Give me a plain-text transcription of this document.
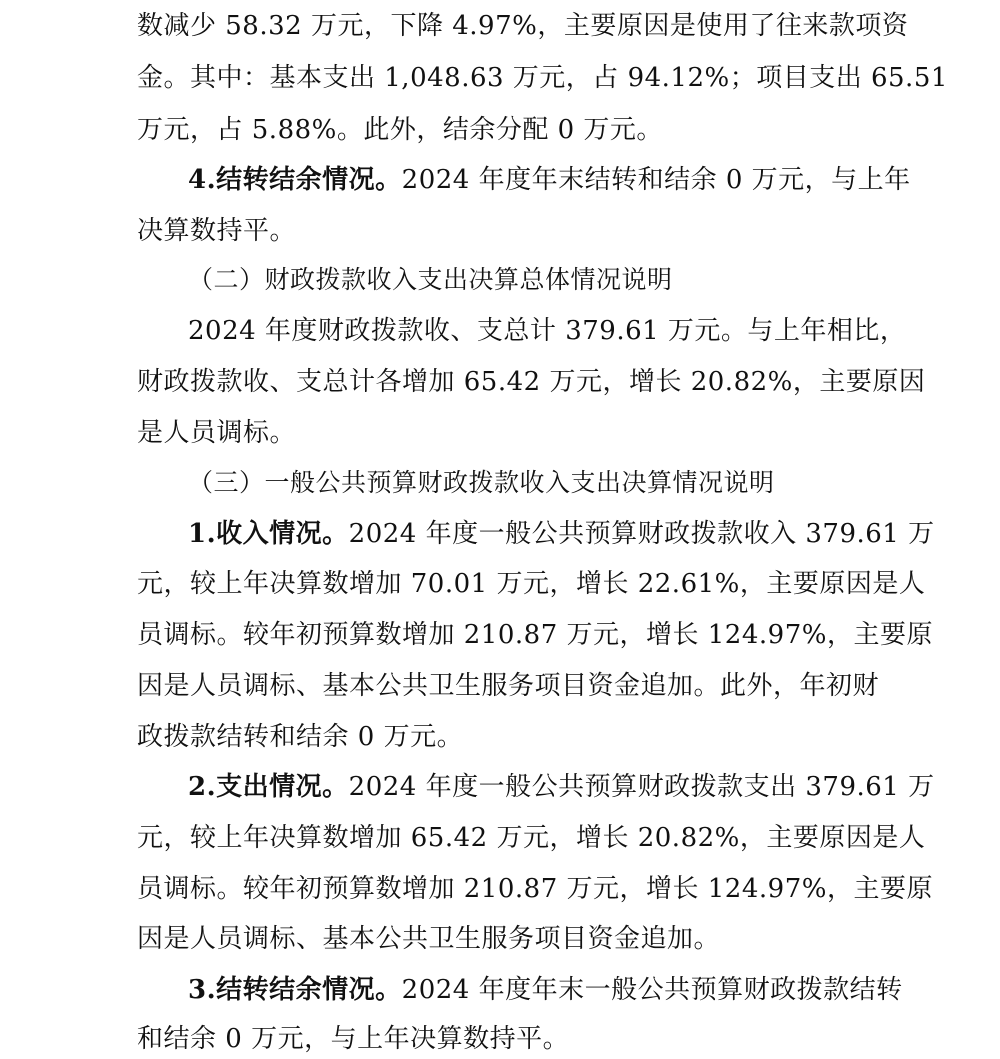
数减少 58.32 万元，下降 4.97%，主要原因是使用了往来款项资
金。其中：基本支出 1,048.63 万元，占 94.12%；项目支出 65.51
万元，占 5.88%。此外，结余分配 0 万元。
4.结转结余情况。2024 年度年末结转和结余 0 万元，与上年
决算数持平。
（二）财政拨款收入支出决算总体情况说明
2024 年度财政拨款收、支总计 379.61 万元。与上年相比，
财政拨款收、支总计各增加 65.42 万元，增长 20.82%，主要原因
是人员调标。
（三）一般公共预算财政拨款收入支出决算情况说明
1.收入情况。2024 年度一般公共预算财政拨款收入 379.61 万
元，较上年决算数增加 70.01 万元，增长 22.61%，主要原因是人
员调标。较年初预算数增加 210.87 万元，增长 124.97%，主要原
因是人员调标、基本公共卫生服务项目资金追加。此外，年初财
政拨款结转和结余 0 万元。
2.支出情况。2024 年度一般公共预算财政拨款支出 379.61 万
元，较上年决算数增加 65.42 万元，增长 20.82%，主要原因是人
员调标。较年初预算数增加 210.87 万元，增长 124.97%，主要原
因是人员调标、基本公共卫生服务项目资金追加。
3.结转结余情况。2024 年度年末一般公共预算财政拨款结转
和结余 0 万元，与上年决算数持平。
